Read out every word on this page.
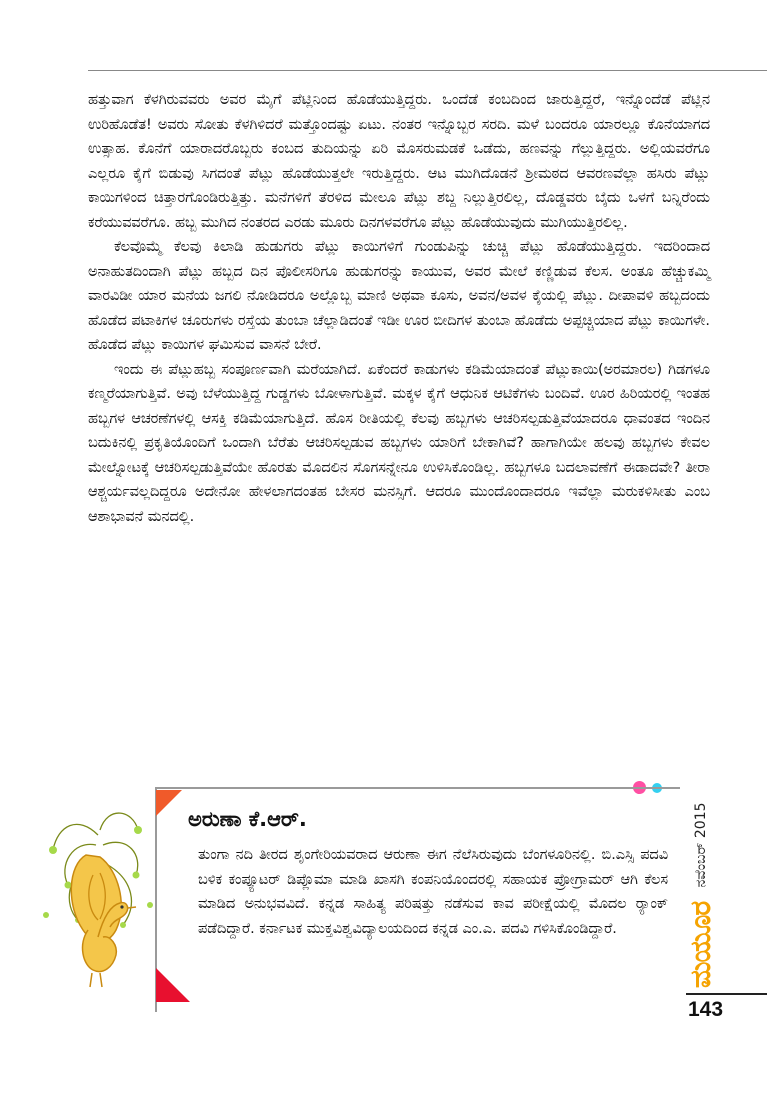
ಹತ್ತುವಾಗ ಕೆಳಗಿರುವವರು ಅವರ ಮೈಗೆ ಪೆಟ್ಲಿನಿಂದ ಹೊಡೆಯುತ್ತಿದ್ದರು. ಒಂದೆಡೆ ಕಂಬದಿಂದ ಜಾರುತ್ತಿದ್ದರೆ, ಇನ್ನೊಂದೆಡೆ ಪೆಟ್ಲಿನ ಉರಿಹೊಡೆತ! ಅವರು ಸೋತು ಕೆಳಗಿಳಿದರೆ ಮತ್ತೊಂದಷ್ಟು ಏಟು. ನಂತರ ಇನ್ನೊಬ್ಬರ ಸರದಿ. ಮಳೆ ಬಂದರೂ ಯಾರಲ್ಲೂ ಕೊನೆಯಾಗದ ಉತ್ಸಾಹ. ಕೊನೆಗೆ ಯಾರಾದರೊಬ್ಬರು ಕಂಬದ ತುದಿಯನ್ನು ಏರಿ ಮೊಸರುಮಡಕೆ ಒಡೆದು, ಹಣವನ್ನು ಗೆಲ್ಲುತ್ತಿದ್ದರು. ಅಲ್ಲಿಯವರೆಗೂ ಎಲ್ಲರೂ ಕೈಗೆ ಬಿಡುವು ಸಿಗದಂತೆ ಪೆಟ್ಲು ಹೊಡೆಯುತ್ತಲೇ ಇರುತ್ತಿದ್ದರು. ಆಟ ಮುಗಿದೊಡನೆ ಶ್ರೀಮಠದ ಆವರಣವೆಲ್ಲಾ ಹಸಿರು ಪೆಟ್ಲು ಕಾಯಿಗಳಿಂದ ಚಿತ್ತಾರಗೊಂಡಿರುತ್ತಿತ್ತು. ಮನೆಗಳಿಗೆ ತೆರಳಿದ ಮೇಲೂ ಪೆಟ್ಲು ಶಬ್ದ ನಿಲ್ಲುತ್ತಿರಲಿಲ್ಲ, ದೊಡ್ಡವರು ಬೈದು ಒಳಗೆ ಬನ್ನಿರೆಂದು ಕರೆಯುವವರೆಗೂ. ಹಬ್ಬ ಮುಗಿದ ನಂತರದ ಎರಡು ಮೂರು ದಿನಗಳವರೆಗೂ ಪೆಟ್ಲು ಹೊಡೆಯುವುದು ಮುಗಿಯುತ್ತಿರಲಿಲ್ಲ.

ಕೆಲವೊಮ್ಮೆ ಕೆಲವು ಕಿಲಾಡಿ ಹುಡುಗರು ಪೆಟ್ಲು ಕಾಯಿಗಳಿಗೆ ಗುಂಡುಪಿನ್ನು ಚುಚ್ಚಿ ಪೆಟ್ಲು ಹೊಡೆಯುತ್ತಿದ್ದರು. ಇದರಿಂದಾದ ಅನಾಹುತದಿಂದಾಗಿ ಪೆಟ್ಲು ಹಬ್ಬದ ದಿನ ಪೊಲೀಸರಿಗೂ ಹುಡುಗರನ್ನು ಕಾಯುವ, ಅವರ ಮೇಲೆ ಕಣ್ಣಿಡುವ ಕೆಲಸ. ಅಂತೂ ಹೆಚ್ಚುಕಮ್ಮಿ ವಾರವಿಡೀ ಯಾರ ಮನೆಯ ಜಗಲಿ ನೋಡಿದರೂ ಅಲ್ಲೊಬ್ಬ ಮಾಣಿ ಅಥವಾ ಕೂಸು, ಅವನ/ಅವಳ ಕೈಯಲ್ಲಿ ಪೆಟ್ಲು. ದೀಪಾವಳಿ ಹಬ್ಬದಂದು ಹೊಡೆದ ಪಟಾಕಿಗಳ ಚೂರುಗಳು ರಸ್ತೆಯ ತುಂಬಾ ಚೆಲ್ಲಾಡಿದಂತೆ ಇಡೀ ಊರ ಬೀದಿಗಳ ತುಂಬಾ ಹೊಡೆದು ಅಪ್ಪಚ್ಚಿಯಾದ ಪೆಟ್ಲು ಕಾಯಿಗಳೇ. ಹೊಡೆದ ಪೆಟ್ಲು ಕಾಯಿಗಳ ಘಮಿಸುವ ವಾಸನೆ ಬೇರೆ.

ಇಂದು ಈ ಪೆಟ್ಲುಹಬ್ಬ ಸಂಪೂರ್ಣವಾಗಿ ಮರೆಯಾಗಿದೆ. ಏಕೆಂದರೆ ಕಾಡುಗಳು ಕಡಿಮೆಯಾದಂತೆ ಪೆಟ್ಲುಕಾಯಿ(ಅರಮಾರಲ) ಗಿಡಗಳೂ ಕಣ್ಮರೆಯಾಗುತ್ತಿವೆ. ಅವು ಬೆಳೆಯುತ್ತಿದ್ದ ಗುಡ್ಡಗಳು ಬೋಳಾಗುತ್ತಿವೆ. ಮಕ್ಕಳ ಕೈಗೆ ಆಧುನಿಕ ಆಟಿಕೆಗಳು ಬಂದಿವೆ. ಊರ ಹಿರಿಯರಲ್ಲಿ ಇಂತಹ ಹಬ್ಬಗಳ ಆಚರಣೆಗಳಲ್ಲಿ ಆಸಕ್ತಿ ಕಡಿಮೆಯಾಗುತ್ತಿದೆ. ಹೊಸ ರೀತಿಯಲ್ಲಿ ಕೆಲವು ಹಬ್ಬಗಳು ಆಚರಿಸಲ್ಪಡುತ್ತಿವೆಯಾದರೂ ಧಾವಂತದ ಇಂದಿನ ಬದುಕಿನಲ್ಲಿ ಪ್ರಕೃತಿಯೊಂದಿಗೆ ಒಂದಾಗಿ ಬೆರೆತು ಆಚರಿಸಲ್ಪಡುವ ಹಬ್ಬಗಳು ಯಾರಿಗೆ ಬೇಕಾಗಿವೆ? ಹಾಗಾಗಿಯೇ ಹಲವು ಹಬ್ಬಗಳು ಕೇವಲ ಮೇಲ್ನೋಟಕ್ಕೆ ಆಚರಿಸಲ್ಪಡುತ್ತಿವೆಯೇ ಹೊರತು ಮೊದಲಿನ ಸೊಗಸನ್ನೇನೂ ಉಳಿಸಿಕೊಂಡಿಲ್ಲ. ಹಬ್ಬಗಳೂ ಬದಲಾವಣೆಗೆ ಈಡಾದವೇ? ತೀರಾ ಆಶ್ಚರ್ಯವಲ್ಲದಿದ್ದರೂ ಅದೇನೋ ಹೇಳಲಾಗದಂತಹ ಬೇಸರ ಮನಸ್ಸಿಗೆ. ಆದರೂ ಮುಂದೊಂದಾದರೂ ಇವೆಲ್ಲಾ ಮರುಕಳಿಸೀತು ಎಂಬ ಆಶಾಭಾವನೆ ಮನದಲ್ಲಿ.

ಅರುಣಾ ಕೆ.ಆರ್.
ತುಂಗಾ ನದಿ ತೀರದ ಶೃಂಗೇರಿಯವರಾದ ಆರುಣಾ ಈಗ ನೆಲೆಸಿರುವುದು ಬೆಂಗಳೂರಿನಲ್ಲಿ. ಬಿ.ಎಸ್ಸಿ ಪದವಿ ಬಳಿಕ ಕಂಪ್ಯೂಟರ್ ಡಿಪ್ಲೊಮಾ ಮಾಡಿ ಖಾಸಗಿ ಕಂಪನಿಯೊಂದರಲ್ಲಿ ಸಹಾಯಕ ಪ್ರೋಗ್ರಾಮರ್ ಆಗಿ ಕೆಲಸ ಮಾಡಿದ ಅನುಭವವಿದೆ. ಕನ್ನಡ ಸಾಹಿತ್ಯ ಪರಿಷತ್ತು ನಡೆಸುವ ಕಾವ ಪರೀಕ್ಷೆಯಲ್ಲಿ ಮೊದಲ ರ್‍ಯಾಂಕ್ ಪಡೆದಿದ್ದಾರೆ. ಕರ್ನಾಟಕ ಮುಕ್ತವಿಶ್ವವಿದ್ಯಾಲಯದಿಂದ ಕನ್ನಡ ಎಂ.ಎ. ಪದವಿ ಗಳಿಸಿಕೊಂಡಿದ್ದಾರೆ.
ನವೆಂಬರ್ 2015
ಮಯೂರ
143
